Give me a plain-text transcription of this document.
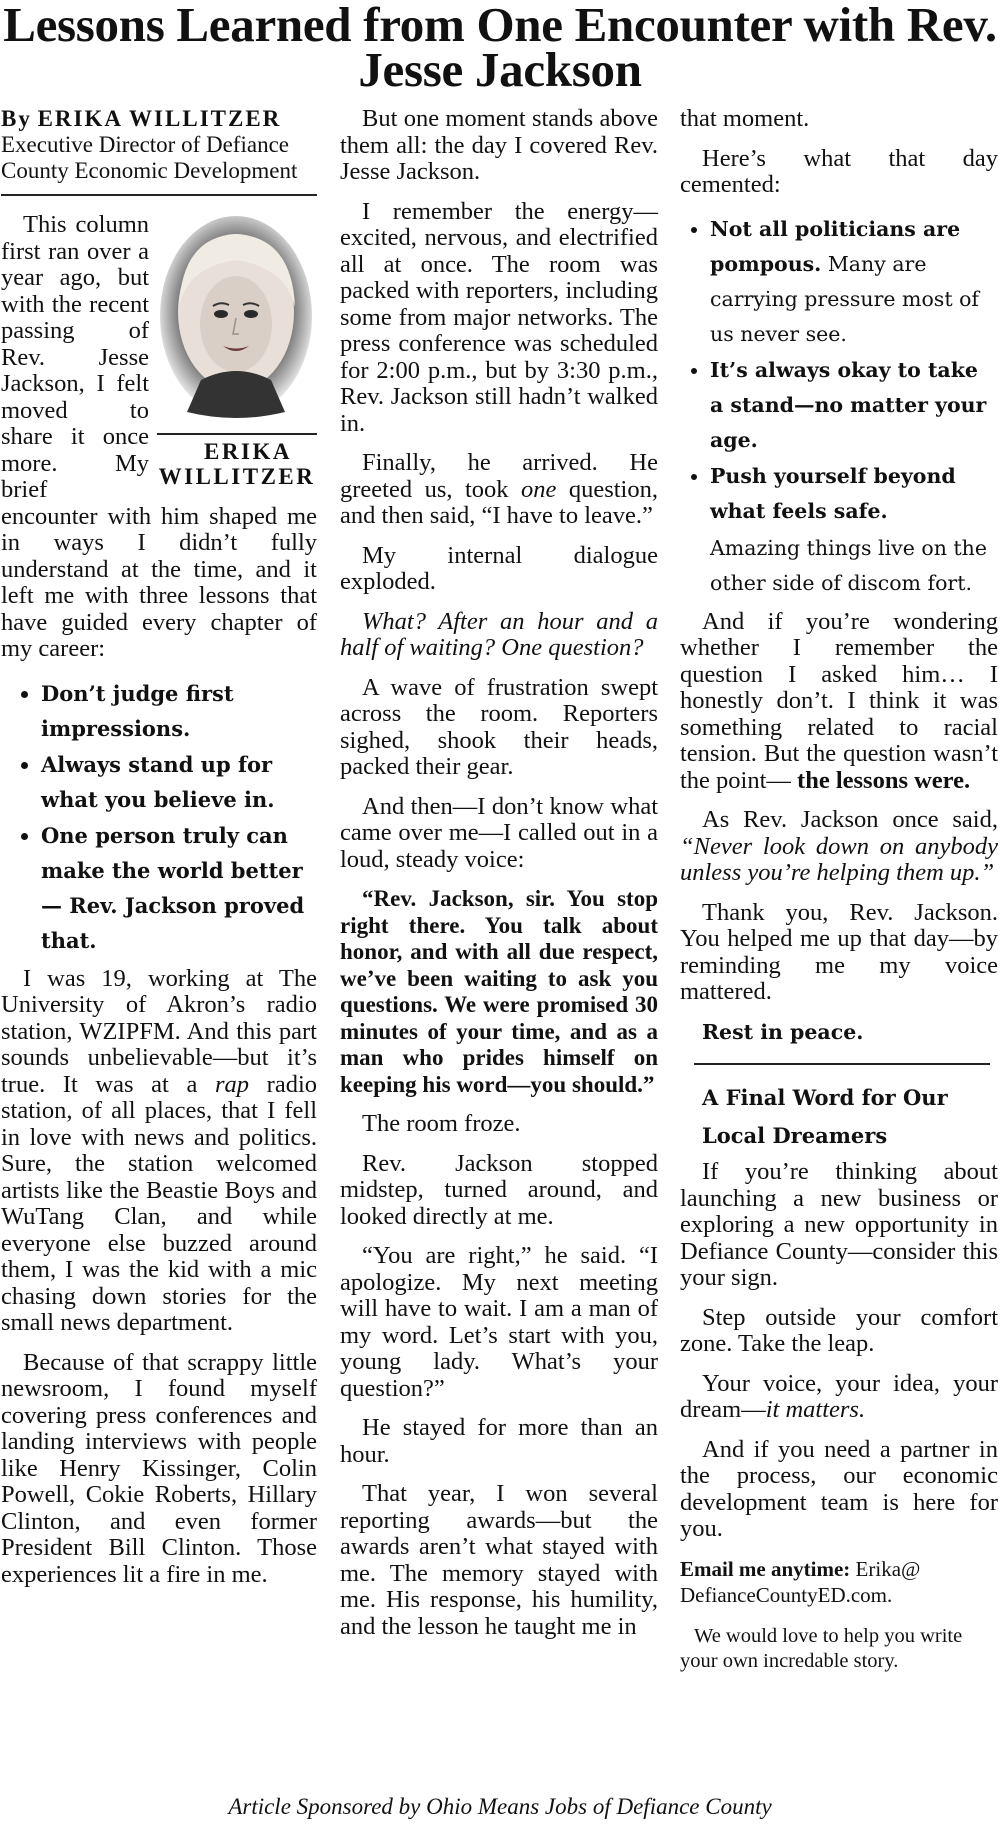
Lessons Learned from One Encounter with Rev. Jesse Jackson
By ERIKA WILLITZER
Executive Director of Defiance County Economic Development

ERIKA WILLITZER
This column first ran over a year ago, but with the recent passing of Rev. Jesse Jackson, I felt moved to share it once more. My brief encounter with him shaped me in ways I didn’t fully understand at the time, and it left me with three lessons that have guided every chapter of my career:

• Don’t judge first impressions.
• Always stand up for what you believe in.
• One person truly can make the world better — Rev. Jackson proved that.

I was 19, working at The University of Akron’s radio station, WZIPFM. And this part sounds unbelievable—but it’s true. It was at a rap radio station, of all places, that I fell in love with news and politics. Sure, the station welcomed artists like the Beastie Boys and WuTang Clan, and while everyone else buzzed around them, I was the kid with a mic chasing down stories for the small news department.

Because of that scrappy little newsroom, I found myself covering press conferences and landing interviews with people like Henry Kissinger, Colin Powell, Cokie Roberts, Hillary Clinton, and even former President Bill Clinton. Those experiences lit a fire in me.

But one moment stands above them all: the day I covered Rev. Jesse Jackson.

I remember the energy—excited, nervous, and electrified all at once. The room was packed with reporters, including some from major networks. The press conference was scheduled for 2:00 p.m., but by 3:30 p.m., Rev. Jackson still hadn’t walked in.

Finally, he arrived. He greeted us, took one question, and then said, “I have to leave.”

My internal dialogue exploded.

What? After an hour and a half of waiting? One question?

A wave of frustration swept across the room. Reporters sighed, shook their heads, packed their gear.

And then—I don’t know what came over me—I called out in a loud, steady voice:

“Rev. Jackson, sir. You stop right there. You talk about honor, and with all due respect, we’ve been waiting to ask you questions. We were promised 30 minutes of your time, and as a man who prides himself on keeping his word—you should.”

The room froze.

Rev. Jackson stopped midstep, turned around, and looked directly at me.

“You are right,” he said. “I apologize. My next meeting will have to wait. I am a man of my word. Let’s start with you, young lady. What’s your question?”

He stayed for more than an hour.

That year, I won several reporting awards—but the awards aren’t what stayed with me. The memory stayed with me. His response, his humility, and the lesson he taught me in

that moment.

Here’s what that day cemented:

• Not all politicians are pompous. Many are carrying pressure most of us never see.
• It’s always okay to take a stand—no matter your age.
• Push yourself beyond what feels safe.
Amazing things live on the other side of discom fort.

And if you’re wondering whether I remember the question I asked him… I honestly don’t. I think it was something related to racial tension. But the question wasn’t the point— the lessons were.

As Rev. Jackson once said, “Never look down on anybody unless you’re helping them up.”

Thank you, Rev. Jackson. You helped me up that day—by reminding me my voice mattered.

Rest in peace.

A Final Word for Our Local Dreamers

If you’re thinking about launching a new business or exploring a new opportunity in Defiance County—consider this your sign.

Step outside your comfort zone. Take the leap.

Your voice, your idea, your dream—it matters.

And if you need a partner in the process, our economic development team is here for you.

Email me anytime: Erika@ DefianceCountyED.com.

We would love to help you write your own incredable story.

Article Sponsored by Ohio Means Jobs of Defiance County
